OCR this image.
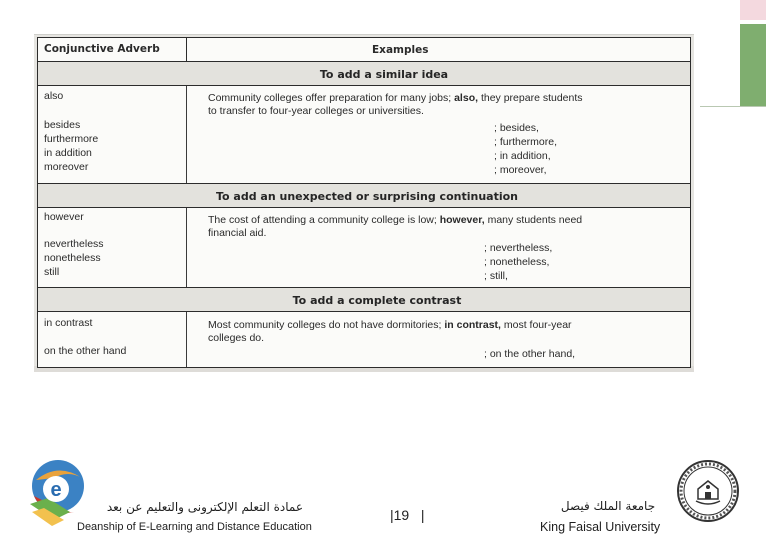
Conjunctive Adverb	Examples
To add a similar idea
also
besides
furthermore
in addition
moreover
Community colleges offer preparation for many jobs; also, they prepare students
to transfer to four-year colleges or universities.
; besides,
; furthermore,
; in addition,
; moreover,
To add an unexpected or surprising continuation
however
nevertheless
nonetheless
still
The cost of attending a community college is low; however, many students need
financial aid.
; nevertheless,
; nonetheless,
; still,
To add a complete contrast
in contrast
on the other hand
Most community colleges do not have dormitories; in contrast, most four-year
colleges do.
; on the other hand,
e
عمادة التعلم الإلكترونى والتعليم عن بعد
Deanship of E-Learning and Distance Education
|19   |
جامعة الملك فيصل
King Faisal University
